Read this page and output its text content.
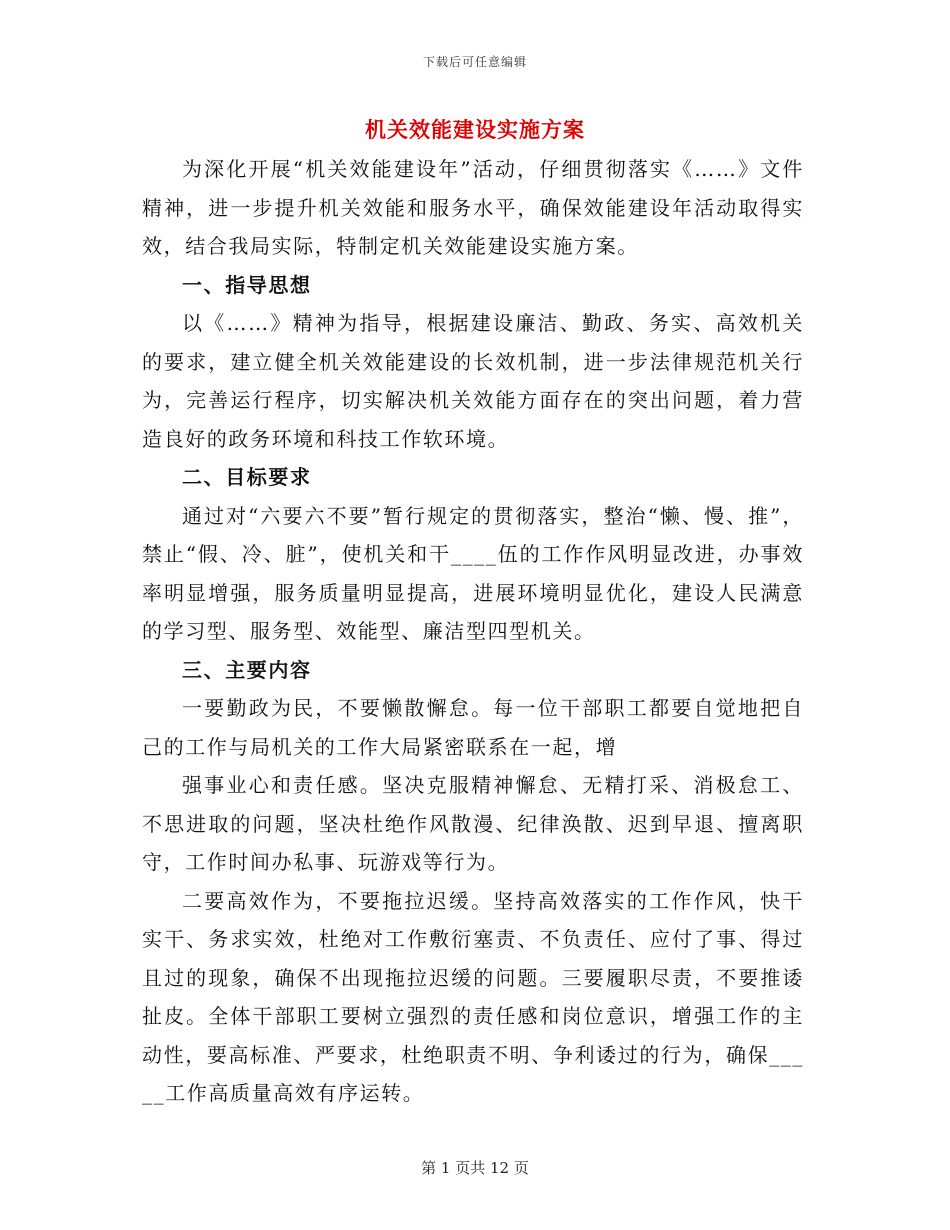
下载后可任意编辑
机关效能建设实施方案

为深化开展“机关效能建设年”活动，仔细贯彻落实《……》文件精神，进一步提升机关效能和服务水平，确保效能建设年活动取得实效，结合我局实际，特制定机关效能建设实施方案。

一、指导思想

以《……》精神为指导，根据建设廉洁、勤政、务实、高效机关的要求，建立健全机关效能建设的长效机制，进一步法律规范机关行为，完善运行程序，切实解决机关效能方面存在的突出问题，着力营造良好的政务环境和科技工作软环境。

二、目标要求

通过对“六要六不要”暂行规定的贯彻落实，整治“懒、慢、推”，禁止“假、冷、脏”，使机关和干____伍的工作作风明显改进，办事效率明显增强，服务质量明显提高，进展环境明显优化，建设人民满意的学习型、服务型、效能型、廉洁型四型机关。

三、主要内容

一要勤政为民，不要懒散懈怠。每一位干部职工都要自觉地把自己的工作与局机关的工作大局紧密联系在一起，增

强事业心和责任感。坚决克服精神懈怠、无精打采、消极怠工、不思进取的问题，坚决杜绝作风散漫、纪律涣散、迟到早退、擅离职守，工作时间办私事、玩游戏等行为。

二要高效作为，不要拖拉迟缓。坚持高效落实的工作作风，快干实干、务求实效，杜绝对工作敷衍塞责、不负责任、应付了事、得过且过的现象，确保不出现拖拉迟缓的问题。三要履职尽责，不要推诿扯皮。全体干部职工要树立强烈的责任感和岗位意识，增强工作的主动性，要高标准、严要求，杜绝职责不明、争利诿过的行为，确保_____工作高质量高效有序运转。

第 1 页共 12 页
